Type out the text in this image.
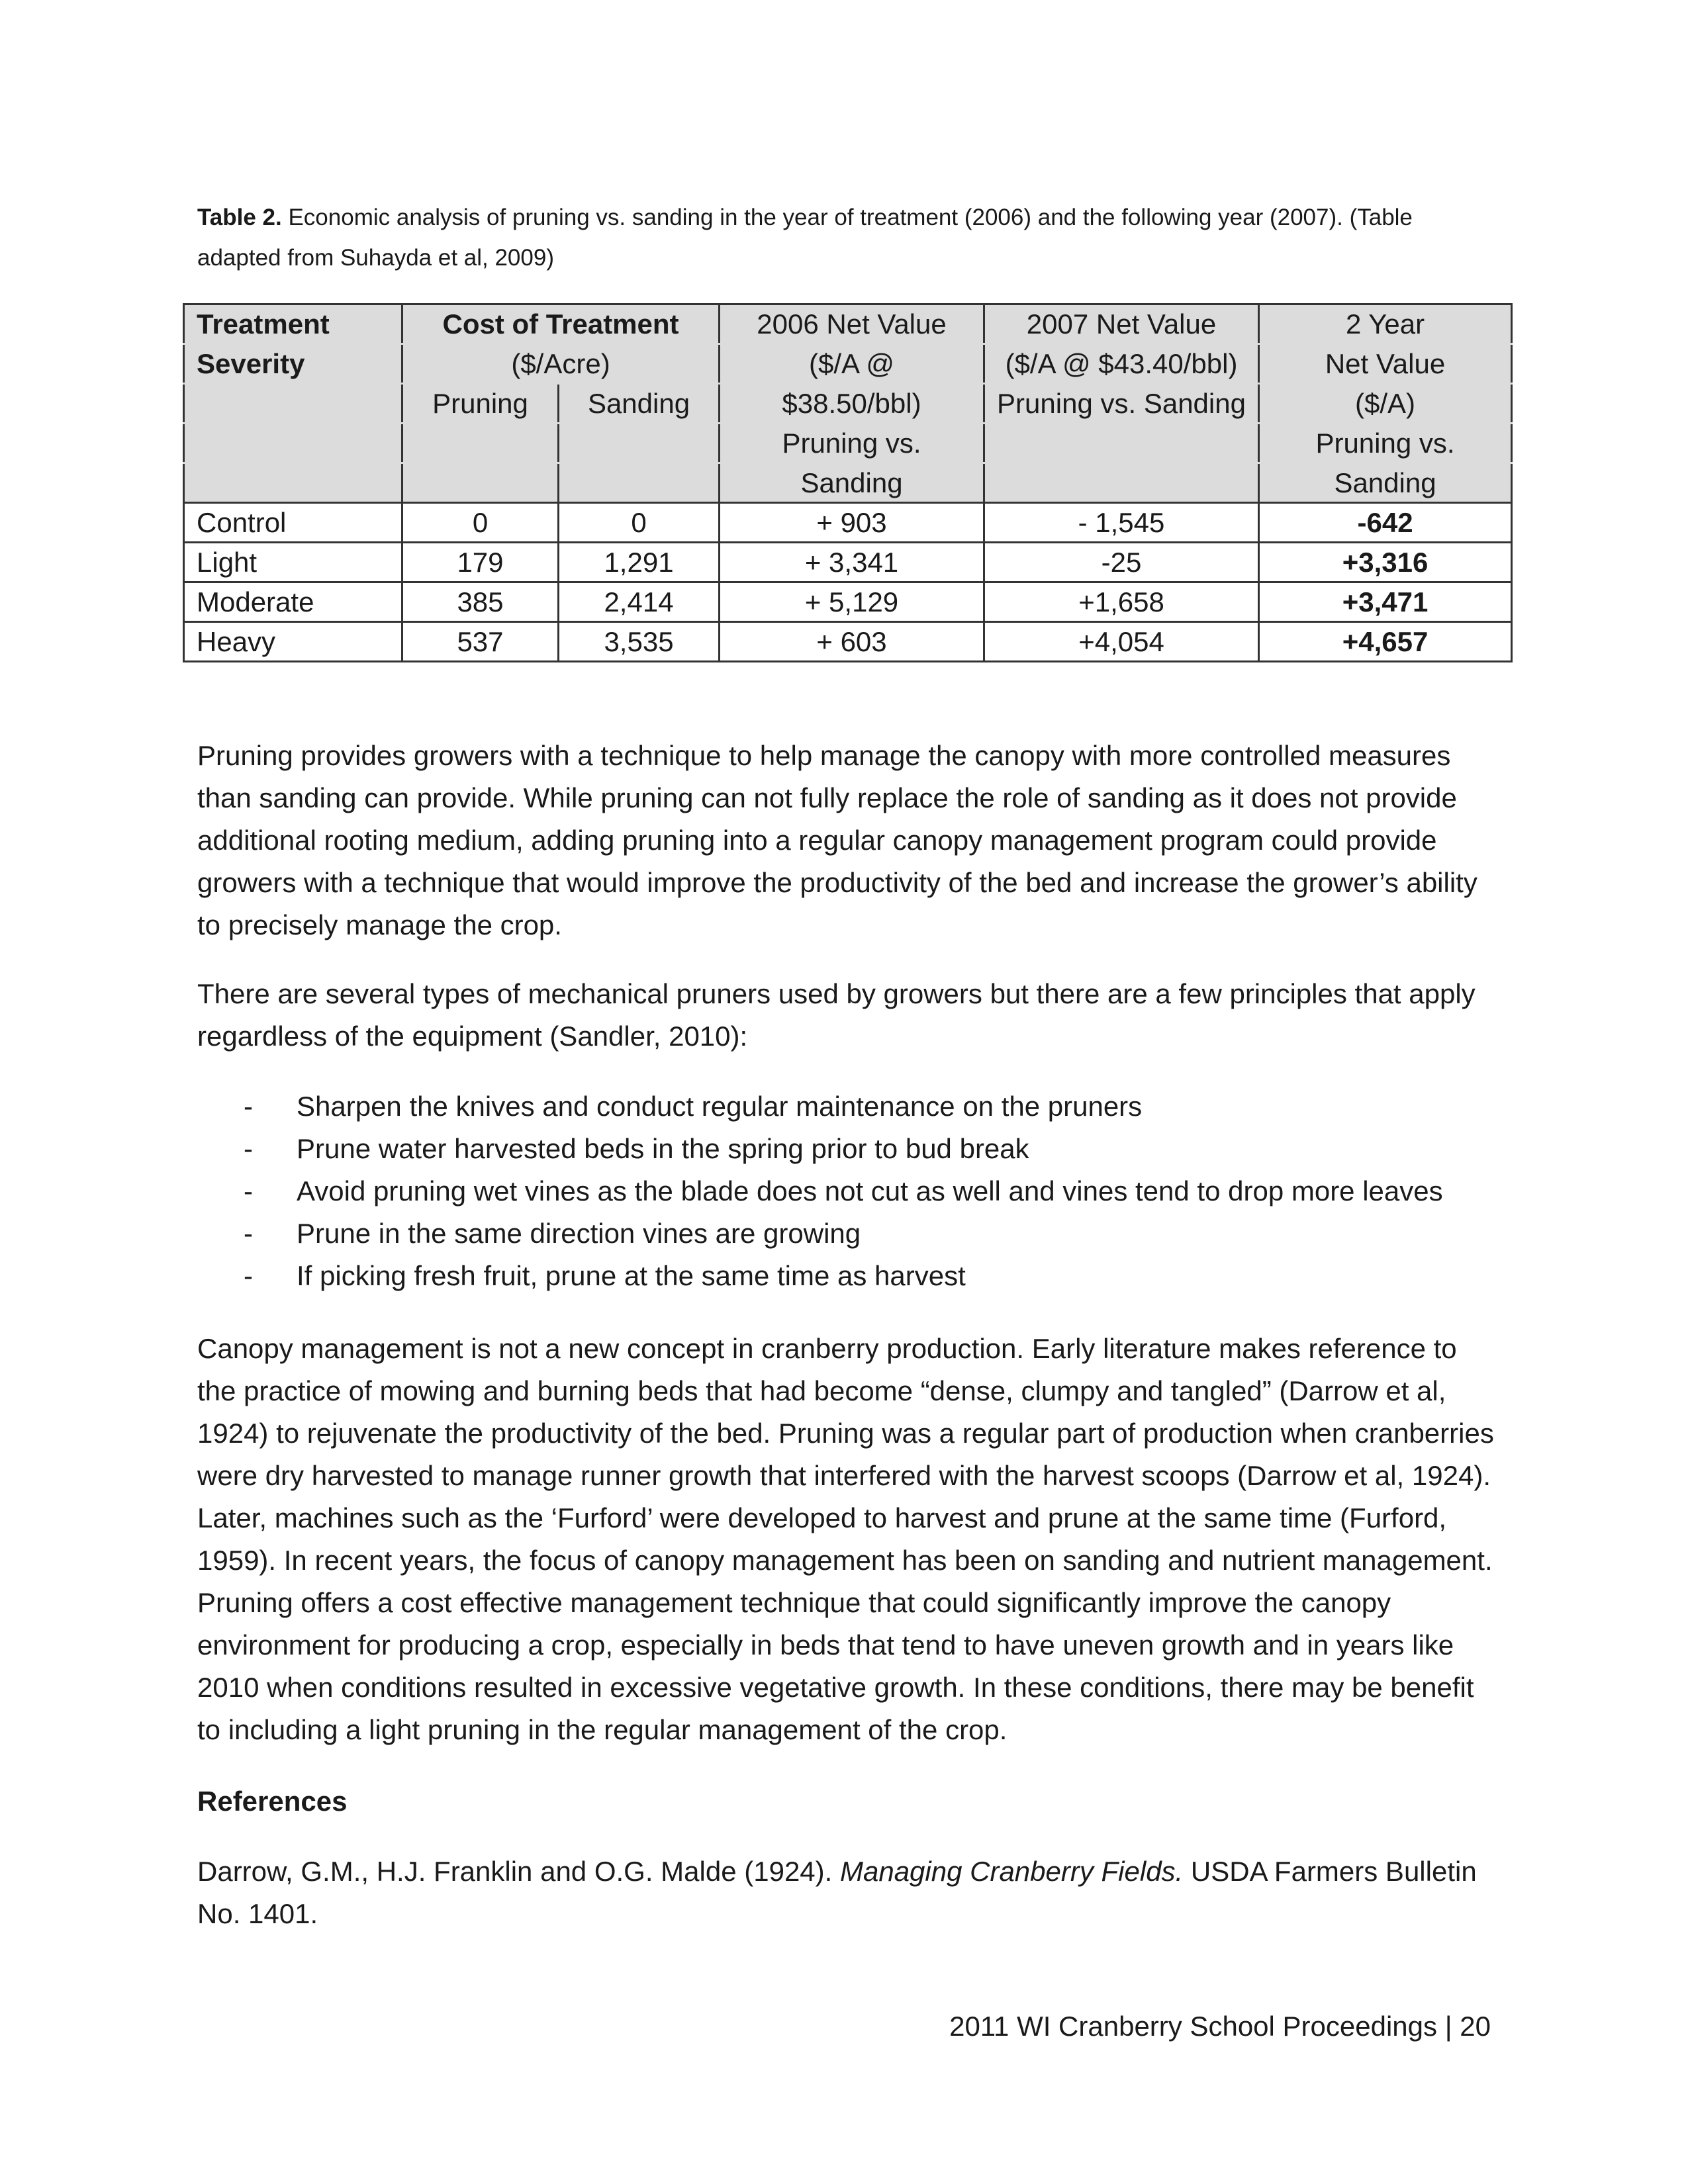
Table 2. Economic analysis of pruning vs. sanding in the year of treatment (2006) and the following year (2007). (Table adapted from Suhayda et al, 2009)
Treatment	Cost of Treatment		2006 Net Value	2007 Net Value	2 Year
Severity	($/Acre)		($/A @	($/A @ $43.40/bbl)	Net Value
	Pruning	Sanding	$38.50/bbl)	Pruning vs. Sanding	($/A)
			Pruning vs.		Pruning vs.
			Sanding		Sanding
Control	0	0	+ 903	- 1,545	-642
Light	179	1,291	+ 3,341	-25	+3,316
Moderate	385	2,414	+ 5,129	+1,658	+3,471
Heavy	537	3,535	+ 603	+4,054	+4,657

Pruning provides growers with a technique to help manage the canopy with more controlled measures than sanding can provide. While pruning can not fully replace the role of sanding as it does not provide additional rooting medium, adding pruning into a regular canopy management program could provide growers with a technique that would improve the productivity of the bed and increase the grower’s ability to precisely manage the crop.

There are several types of mechanical pruners used by growers but there are a few principles that apply regardless of the equipment (Sandler, 2010):

- Sharpen the knives and conduct regular maintenance on the pruners
- Prune water harvested beds in the spring prior to bud break
- Avoid pruning wet vines as the blade does not cut as well and vines tend to drop more leaves
- Prune in the same direction vines are growing
- If picking fresh fruit, prune at the same time as harvest

Canopy management is not a new concept in cranberry production. Early literature makes reference to the practice of mowing and burning beds that had become “dense, clumpy and tangled” (Darrow et al, 1924) to rejuvenate the productivity of the bed. Pruning was a regular part of production when cranberries were dry harvested to manage runner growth that interfered with the harvest scoops (Darrow et al, 1924). Later, machines such as the ‘Furford’ were developed to harvest and prune at the same time (Furford, 1959). In recent years, the focus of canopy management has been on sanding and nutrient management. Pruning offers a cost effective management technique that could significantly improve the canopy environment for producing a crop, especially in beds that tend to have uneven growth and in years like 2010 when conditions resulted in excessive vegetative growth. In these conditions, there may be benefit to including a light pruning in the regular management of the crop.

References
Darrow, G.M., H.J. Franklin and O.G. Malde (1924). Managing Cranberry Fields. USDA Farmers Bulletin No. 1401.
2011 WI Cranberry School Proceedings | 20
